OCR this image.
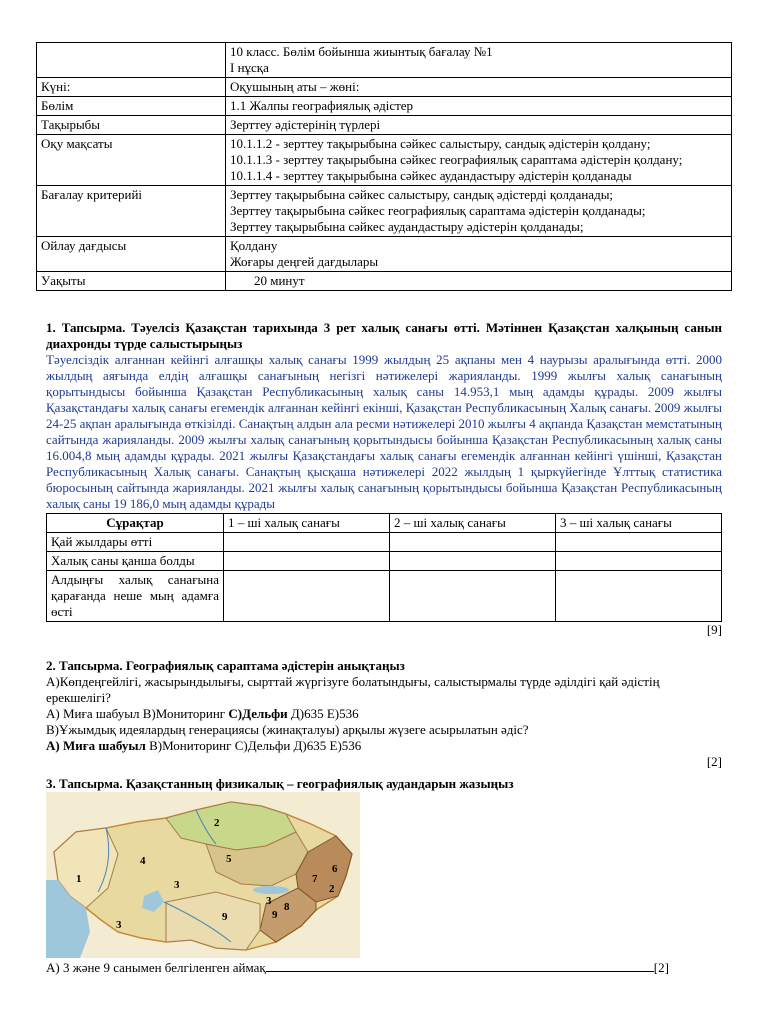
	10 класс. Бөлім бойынша жиынтық бағалау №1

I нұсқа

Күні:	Оқушының аты – жөні:
Бөлім	1.1 Жалпы географиялық әдістер
Тақырыбы	Зерттеу әдістерінің түрлері
Оқу мақсаты	10.1.1.2 - зерттеу тақырыбына сәйкес салыстыру, сандық әдістерін қолдану;

10.1.1.3 - зерттеу тақырыбына сәйкес географиялық сараптама әдістерін қолдану;

10.1.1.4 - зерттеу тақырыбына сәйкес аудандастыру әдістерін қолданады

Бағалау критерийі	Зерттеу тақырыбына сәйкес салыстыру, сандық әдістерді қолданады;

Зерттеу тақырыбына сәйкес географиялық сараптама әдістерін қолданады;

Зерттеу тақырыбына сәйкес аудандастыру әдістерін қолданады;

Ойлау дағдысы	Қолдану

Жоғары деңгей дағдылары

Уақыты	20 минут

1. Тапсырма. Тәуелсіз Қазақстан тарихында 3 рет халық санағы өтті. Мәтіннен Қазақстан халқының санын диахронды түрде салыстырыңыз

Тәуелсіздік алғаннан кейінгі алғашқы халық санағы 1999 жылдың 25 ақпаны мен 4 наурызы аралығында өтті. 2000 жылдың аяғында елдің алғашқы санағының негізгі нәтижелері жарияланды. 1999 жылғы халық санағының қорытындысы бойынша Қазақстан Республикасының халық саны 14.953,1 мың адамды құрады. 2009 жылғы Қазақстандағы халық санағы егемендік алғаннан кейінгі екінші, Қазақстан Республикасының Халық санағы. 2009 жылғы 24-25 ақпан аралығында өткізілді. Санақтың алдын ала ресми нәтижелері 2010 жылғы 4 ақпанда Қазақстан мемстатының сайтында жарияланды. 2009 жылғы халық санағының қорытындысы бойынша Қазақстан Республикасының халық саны 16.004,8 мың адамды құрады. 2021 жылғы Қазақстандағы халық санағы егемендік алғаннан кейінгі үшінші, Қазақстан Республикасының Халық санағы. Санақтың қысқаша нәтижелері 2022 жылдың 1 қыркүйегінде Ұлттық статистика бюросының сайтында жарияланды. 2021 жылғы халық санағының қорытындысы бойынша Қазақстан Республикасының халық саны 19 186,0 мың адамды құрады

Сұрақтар	1 – ші халық санағы	2 – ші халық санағы	3 – ші халық санағы
Қай жылдары өтті			
Халық саны қанша болды			
Алдыңғы халық санағына қарағанда неше мың адамға өсті			

[9]

2. Тапсырма. Географиялық сараптама әдістерін анықтаңыз

А)Көпдеңгейлігі, жасырындылығы, сырттай жүргізуге болатындығы, салыстырмалы түрде әділдігі қай әдістің ерекшелігі?

А) Миға шабуыл В)Мониторинг С)Дельфи Д)635 Е)536

В)Ұжымдық идеялардың генерациясы (жинақталуы) арқылы жүзеге асырылатын әдіс?

А) Миға шабуыл В)Мониторинг С)Дельфи Д)635 Е)536

[2]

3. Тапсырма. Қазақстанның физикалық – географиялық аудандарын жазыңыз

1
2
2
3
3
3
4	5
6
7
8
9	9
А) 3 және 9 санымен белгіленген аймақ	[2]
